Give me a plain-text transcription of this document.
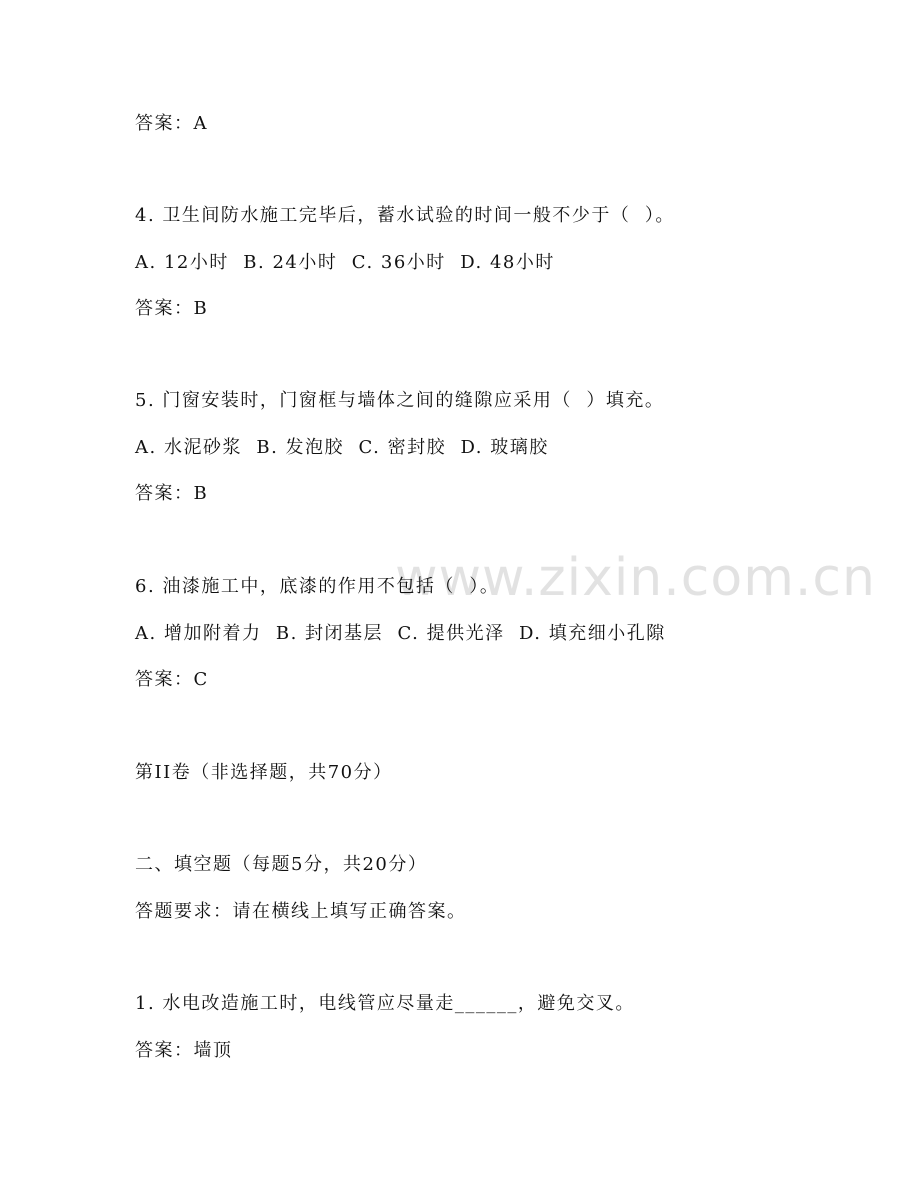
www.zixin.com.cn
答案：A
4. 卫生间防水施工完毕后，蓄水试验的时间一般不少于（  ）。
A. 12小时  B. 24小时  C. 36小时  D. 48小时
答案：B
5. 门窗安装时，门窗框与墙体之间的缝隙应采用（  ）填充。
A. 水泥砂浆  B. 发泡胶  C. 密封胶  D. 玻璃胶
答案：B
6. 油漆施工中，底漆的作用不包括（  ）。
A. 增加附着力  B. 封闭基层  C. 提供光泽  D. 填充细小孔隙
答案：C
第II卷（非选择题，共70分）
二、填空题（每题5分，共20分）
答题要求：请在横线上填写正确答案。
1. 水电改造施工时，电线管应尽量走______，避免交叉。
答案：墙顶
